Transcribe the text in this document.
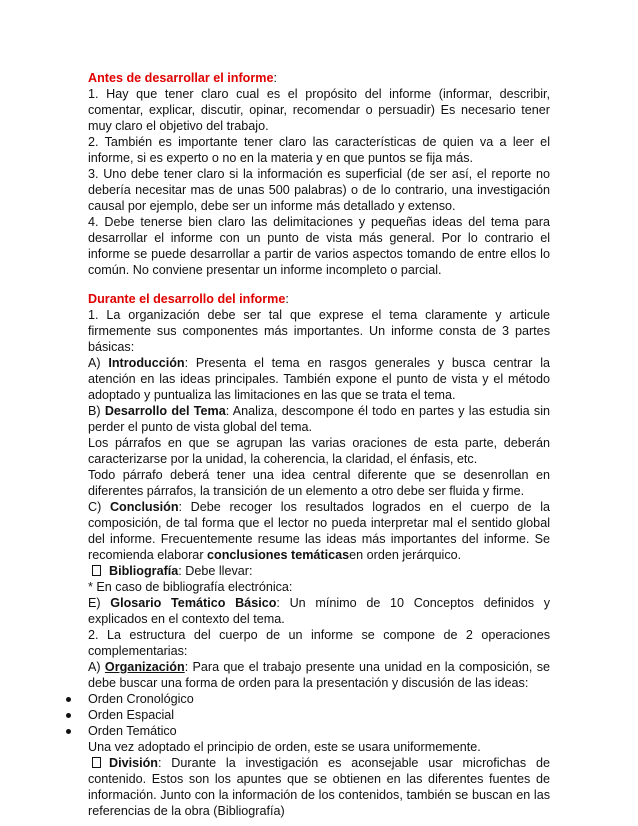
Antes de desarrollar el informe:

1. Hay que tener claro cual es el propósito del informe (informar, describir, comentar, explicar, discutir, opinar, recomendar o persuadir) Es necesario tener muy claro el objetivo del trabajo.

2. También es importante tener claro las características de quien va a leer el informe, si es experto o no en la materia y en que puntos se fija más.

3. Uno debe tener claro si la información es superficial (de ser así, el reporte no debería necesitar mas de unas 500 palabras) o de lo contrario, una investigación causal por ejemplo, debe ser un informe más detallado y extenso.

4. Debe tenerse bien claro las delimitaciones y pequeñas ideas del tema para desarrollar el informe con un punto de vista más general. Por lo contrario el informe se puede desarrollar a partir de varios aspectos tomando de entre ellos lo común. No conviene presentar un informe incompleto o parcial.

Durante el desarrollo del informe:

1. La organización debe ser tal que exprese el tema claramente y articule firmemente sus componentes más importantes. Un informe consta de 3 partes básicas:

A) Introducción: Presenta el tema en rasgos generales y busca centrar la atención en las ideas principales. También expone el punto de vista y el método adoptado y puntualiza las limitaciones en las que se trata el tema.

B) Desarrollo del Tema: Analiza, descompone él todo en partes y las estudia sin perder el punto de vista global del tema.

Los párrafos en que se agrupan las varias oraciones de esta parte, deberán caracterizarse por la unidad, la coherencia, la claridad, el énfasis, etc.

Todo párrafo deberá tener una idea central diferente que se desenrollan en diferentes párrafos, la transición de un elemento a otro debe ser fluida y firme.

C) Conclusión: Debe recoger los resultados logrados en el cuerpo de la composición, de tal forma que el lector no pueda interpretar mal el sentido global del informe. Frecuentemente resume las ideas más importantes del informe. Se recomienda elaborar conclusiones temáticasen orden jerárquico.

Bibliografía: Debe llevar:

* En caso de bibliografía electrónica:

E) Glosario Temático Básico: Un mínimo de 10 Conceptos definidos y explicados en el contexto del tema.

2. La estructura del cuerpo de un informe se compone de 2 operaciones complementarias:

A) Organización: Para que el trabajo presente una unidad en la composición, se debe buscar una forma de orden para la presentación y discusión de las ideas:

Orden Cronológico
Orden Espacial
Orden Temático

Una vez adoptado el principio de orden, este se usara uniformemente.

División: Durante la investigación es aconsejable usar microfichas de contenido. Estos son los apuntes que se obtienen en las diferentes fuentes de información. Junto con la información de los contenidos, también se buscan en las referencias de la obra (Bibliografía)
